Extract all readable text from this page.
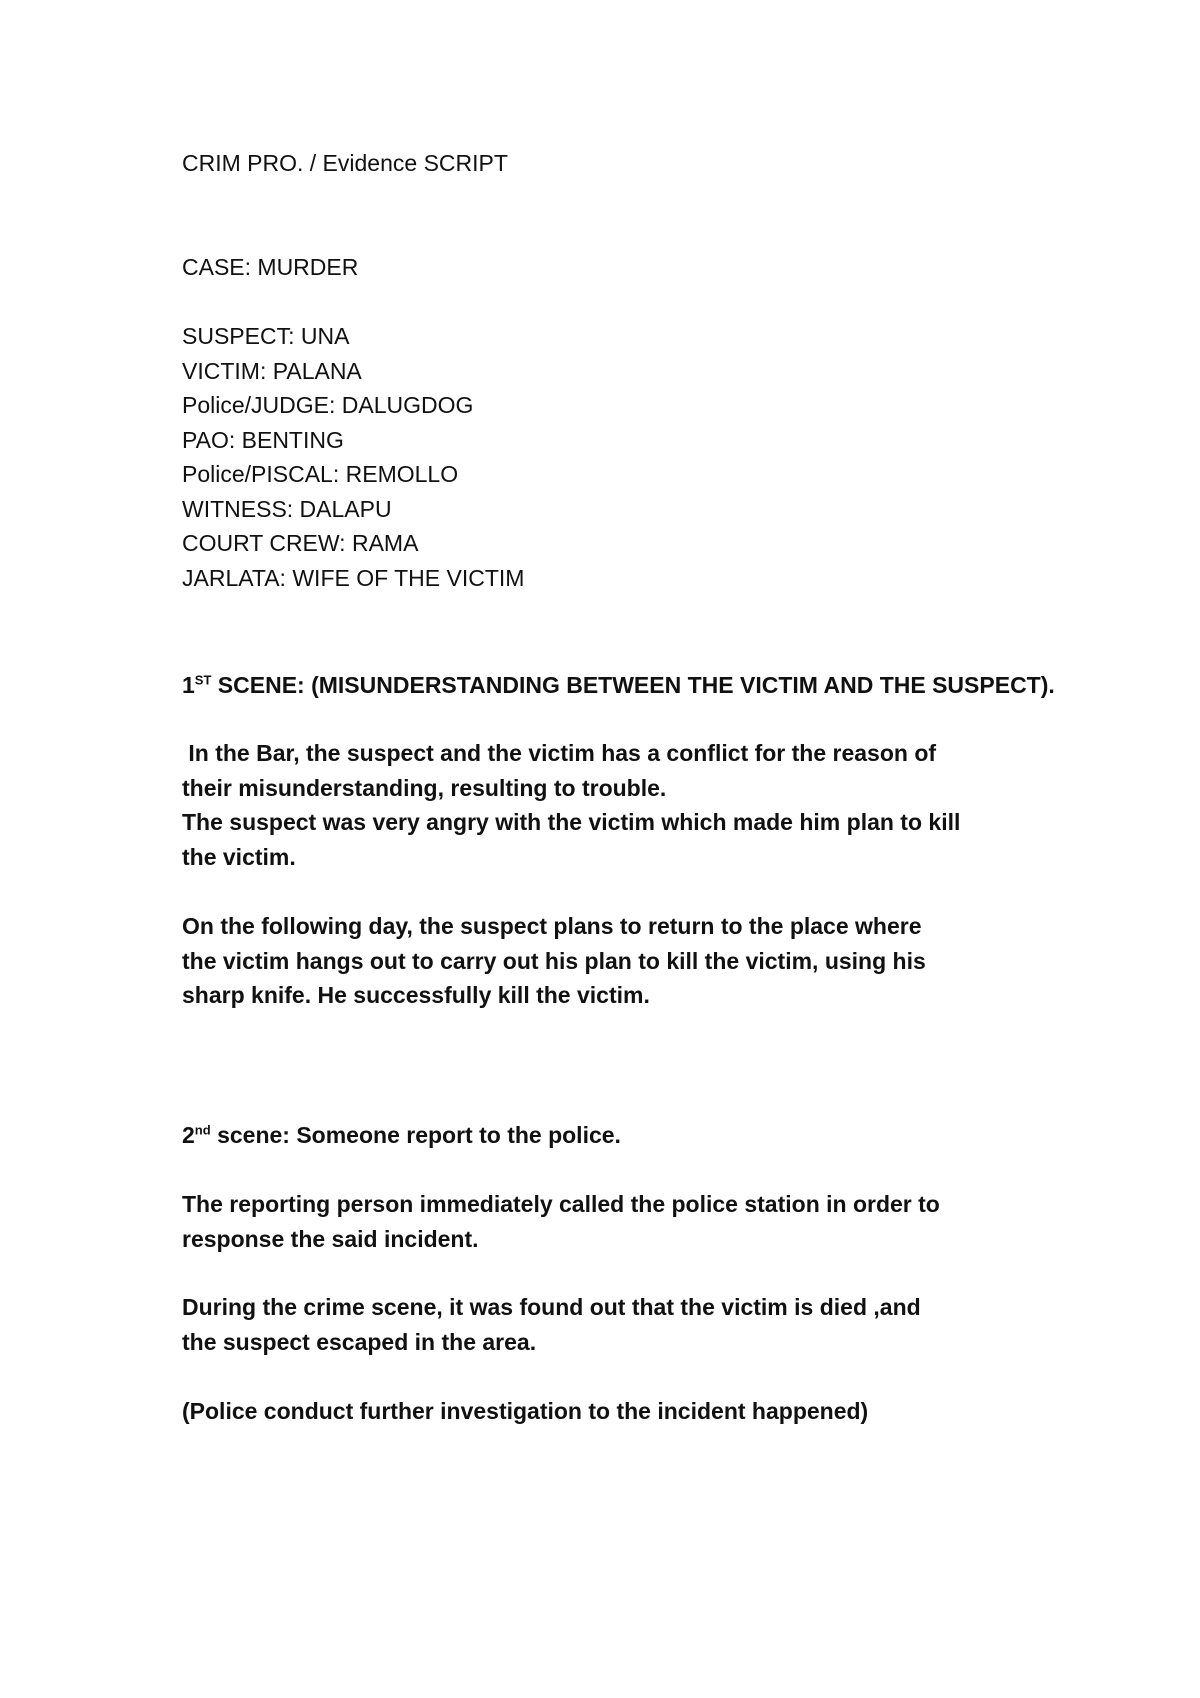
CRIM PRO. / Evidence SCRIPT
CASE: MURDER
SUSPECT: UNA
VICTIM: PALANA
Police/JUDGE: DALUGDOG
PAO: BENTING
Police/PISCAL: REMOLLO
WITNESS: DALAPU
COURT CREW: RAMA
JARLATA: WIFE OF THE VICTIM
1ST SCENE: (MISUNDERSTANDING BETWEEN THE VICTIM AND THE SUSPECT).
In the Bar, the suspect and the victim has a conflict for the reason of
their misunderstanding, resulting to trouble.
The suspect was very angry with the victim which made him plan to kill
the victim.
On the following day, the suspect plans to return to the place where
the victim hangs out to carry out his plan to kill the victim, using his
sharp knife. He successfully kill the victim.
2nd scene: Someone report to the police.
The reporting person immediately called the police station in order to
response the said incident.
During the crime scene, it was found out that the victim is died ,and
the suspect escaped in the area.
(Police conduct further investigation to the incident happened)
